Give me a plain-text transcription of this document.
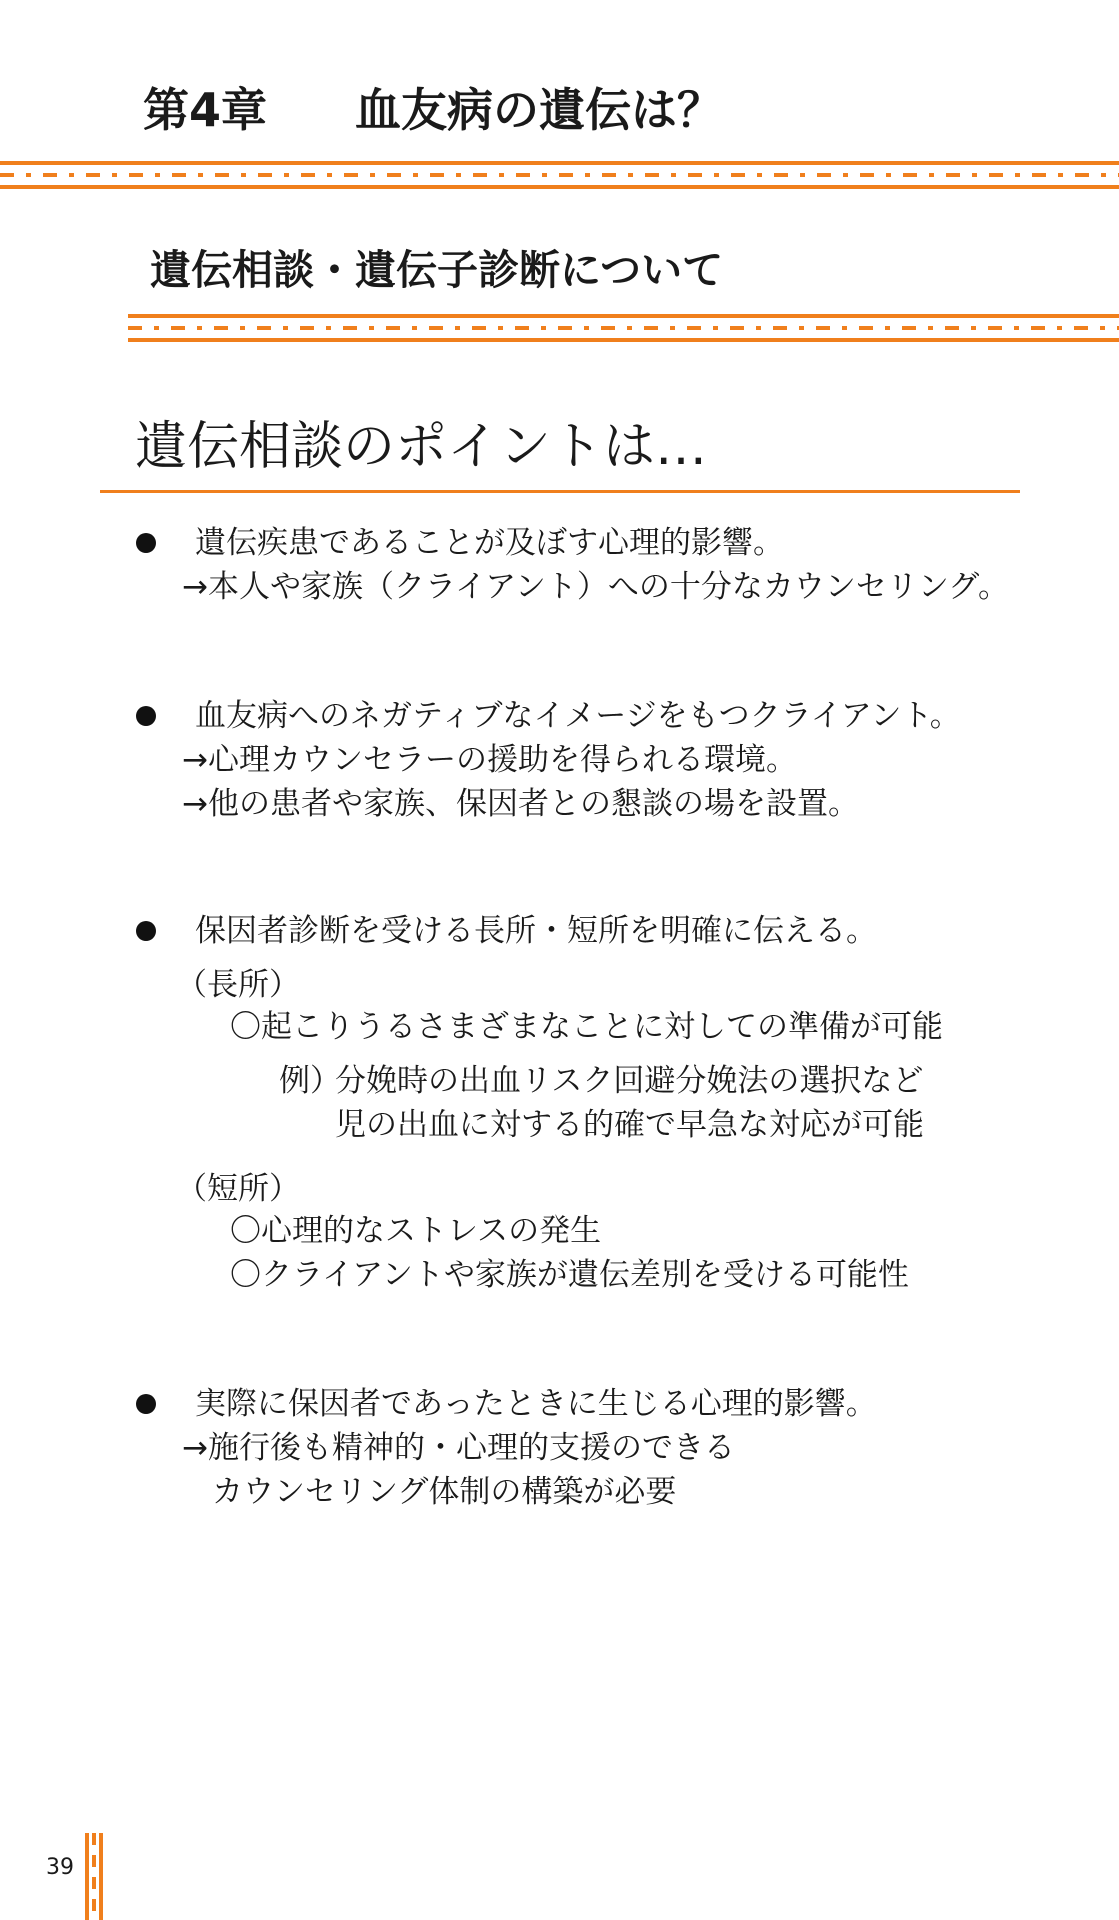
第4章 血友病の遺伝は？
遺伝相談・遺伝子診断について
遺伝相談のポイントは…
遺伝疾患であることが及ぼす心理的影響。
→本人や家族（クライアント）への十分なカウンセリング。
血友病へのネガティブなイメージをもつクライアント。
→心理カウンセラーの援助を得られる環境。
→他の患者や家族、保因者との懇談の場を設置。
保因者診断を受ける長所・短所を明確に伝える。
（長所）
〇起こりうるさまざまなことに対しての準備が可能
例）
分娩時の出血リスク回避分娩法の選択など
児の出血に対する的確で早急な対応が可能
（短所）
〇心理的なストレスの発生
〇クライアントや家族が遺伝差別を受ける可能性
実際に保因者であったときに生じる心理的影響。
→施行後も精神的・心理的支援のできる
カウンセリング体制の構築が必要
39
